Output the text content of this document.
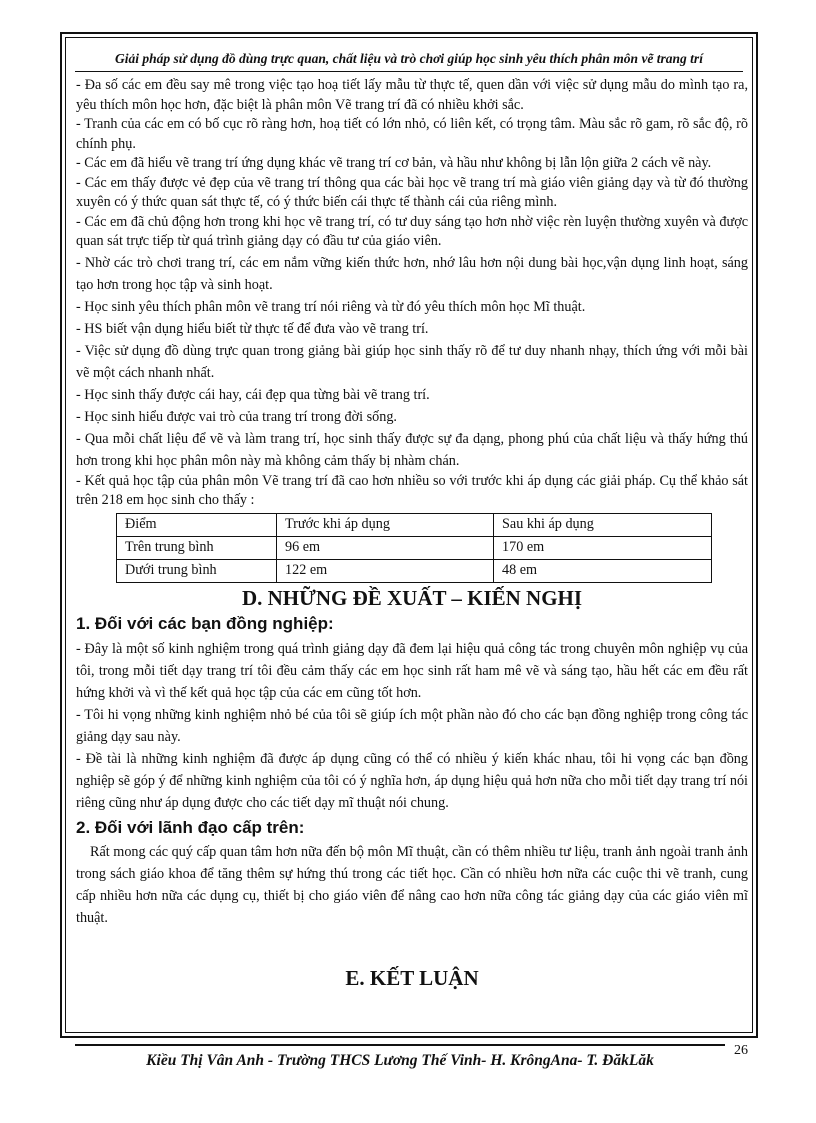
Giải pháp sử dụng đồ dùng trực quan, chất liệu và trò chơi giúp học sinh yêu thích phân môn vẽ trang trí

- Đa số các em đều say mê trong việc tạo hoạ tiết lấy mẫu từ thực tế, quen dần với việc sử dụng mẫu do mình tạo ra, yêu thích môn học hơn, đặc biệt là phân môn Vẽ trang trí đã có nhiều khởi sắc.

- Tranh của các em có bố cục rõ ràng hơn, hoạ tiết có lớn nhỏ, có liên kết, có trọng tâm. Màu sắc rõ gam, rõ sắc độ, rõ chính phụ.

- Các em đã hiểu vẽ trang trí ứng dụng khác vẽ trang trí cơ bản, và hầu như không bị lẫn lộn giữa 2 cách vẽ này.

- Các em thấy được vẻ đẹp của vẽ trang trí thông qua các bài học vẽ trang trí mà giáo viên giảng dạy và từ đó thường xuyên có ý thức quan sát thực tế, có ý thức biến cái thực tế thành cái của riêng mình.

- Các em đã chủ động hơn trong khi học vẽ trang trí, có tư duy sáng tạo hơn nhờ việc rèn luyện thường xuyên và được quan sát trực tiếp từ quá trình giảng dạy có đầu tư của giáo viên.

- Nhờ các trò chơi trang trí, các em nắm vững kiến thức hơn, nhớ lâu hơn nội dung bài học,vận dụng linh hoạt, sáng tạo hơn trong học tập và sinh hoạt.

- Học sinh yêu thích phân môn vẽ trang trí nói riêng và từ đó yêu thích môn học Mĩ thuật.

- HS biết vận dụng hiểu biết từ thực tế để đưa vào vẽ trang trí.

- Việc sử dụng đồ dùng trực quan trong giảng bài giúp học sinh thấy rõ để tư duy nhanh nhạy, thích ứng với mỗi bài vẽ một cách nhanh nhất.

- Học sinh thấy được cái hay, cái đẹp qua từng bài vẽ trang trí.

- Học sinh hiểu được vai trò của trang trí trong đời sống.

- Qua mỗi chất liệu để vẽ và làm trang trí, học sinh thấy được sự đa dạng, phong phú của chất liệu và thấy hứng thú hơn trong khi học phân môn này mà không cảm thấy bị nhàm chán.

- Kết quả học tập của phân môn Vẽ trang trí đã cao hơn nhiều so với trước khi áp dụng các giải pháp. Cụ thể khảo sát trên 218 em học sinh cho thấy :

Điểm	Trước khi áp dụng	Sau khi áp dụng
Trên trung bình	96 em	170 em
Dưới trung bình	122 em	48 em
D. NHỮNG ĐỀ XUẤT – KIẾN NGHỊ
1. Đối với các bạn đồng nghiệp:

- Đây là một số kinh nghiệm trong quá trình giảng dạy đã đem lại hiệu quả công tác trong chuyên môn nghiệp vụ của tôi, trong mỗi tiết dạy trang trí tôi đều cảm thấy các em học sinh rất ham mê vẽ và sáng tạo, hầu hết các em đều rất hứng khởi và vì thế kết quả học tập của các em cũng tốt hơn.

- Tôi hi vọng những kinh nghiệm nhỏ bé của tôi sẽ giúp ích một phần nào đó cho các bạn đồng nghiệp trong công tác giảng dạy sau này.

- Đề tài là những kinh nghiệm đã được áp dụng cũng có thể có nhiều ý kiến khác nhau, tôi hi vọng các bạn đồng nghiệp sẽ góp ý để những kinh nghiệm của tôi có ý nghĩa hơn, áp dụng hiệu quả hơn nữa cho mỗi tiết dạy trang trí nói riêng cũng như áp dụng được cho các tiết dạy mĩ thuật nói chung.

2. Đối với lãnh đạo cấp trên:

Rất mong các quý cấp quan tâm hơn nữa đến bộ môn Mĩ thuật, cần có thêm nhiều tư liệu, tranh ảnh ngoài tranh ảnh trong sách giáo khoa để tăng thêm sự hứng thú trong các tiết học. Cần có nhiều hơn nữa các cuộc thi vẽ tranh, cung cấp nhiều hơn nữa các dụng cụ, thiết bị cho giáo viên để nâng cao hơn nữa công tác giảng dạy của các giáo viên mĩ thuật.

E. KẾT LUẬN
Kiều Thị Vân Anh - Trường THCS Lương Thế Vinh- H. KrôngAna- T. ĐăkLăk
26
